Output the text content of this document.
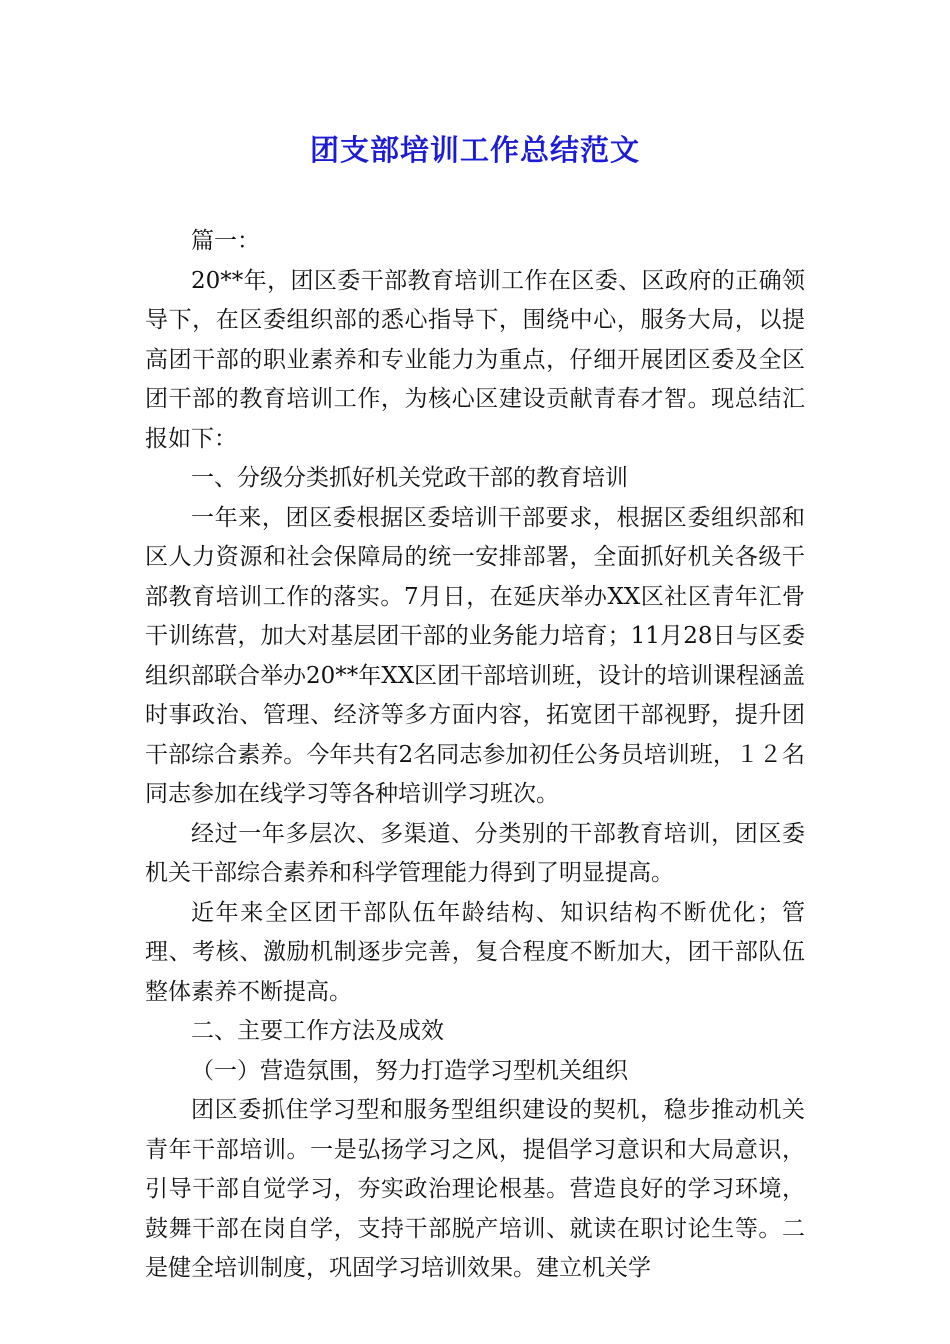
团支部培训工作总结范文

篇一：

20**年，团区委干部教育培训工作在区委、区政府的正确领导下，在区委组织部的悉心指导下，围绕中心，服务大局，以提高团干部的职业素养和专业能力为重点，仔细开展团区委及全区团干部的教育培训工作，为核心区建设贡献青春才智。现总结汇报如下：

一、分级分类抓好机关党政干部的教育培训

一年来，团区委根据区委培训干部要求，根据区委组织部和区人力资源和社会保障局的统一安排部署，全面抓好机关各级干部教育培训工作的落实。7月日，在延庆举办XX区社区青年汇骨干训练营，加大对基层团干部的业务能力培育；11月28日与区委组织部联合举办20**年XX区团干部培训班，设计的培训课程涵盖时事政治、管理、经济等多方面内容，拓宽团干部视野，提升团干部综合素养。今年共有2名同志参加初任公务员培训班，１２名同志参加在线学习等各种培训学习班次。

经过一年多层次、多渠道、分类别的干部教育培训，团区委机关干部综合素养和科学管理能力得到了明显提高。

近年来全区团干部队伍年龄结构、知识结构不断优化；管理、考核、激励机制逐步完善，复合程度不断加大，团干部队伍整体素养不断提高。

二、主要工作方法及成效

（一）营造氛围，努力打造学习型机关组织

团区委抓住学习型和服务型组织建设的契机，稳步推动机关青年干部培训。一是弘扬学习之风，提倡学习意识和大局意识，引导干部自觉学习，夯实政治理论根基。营造良好的学习环境，鼓舞干部在岗自学，支持干部脱产培训、就读在职讨论生等。二是健全培训制度，巩固学习培训效果。建立机关学
